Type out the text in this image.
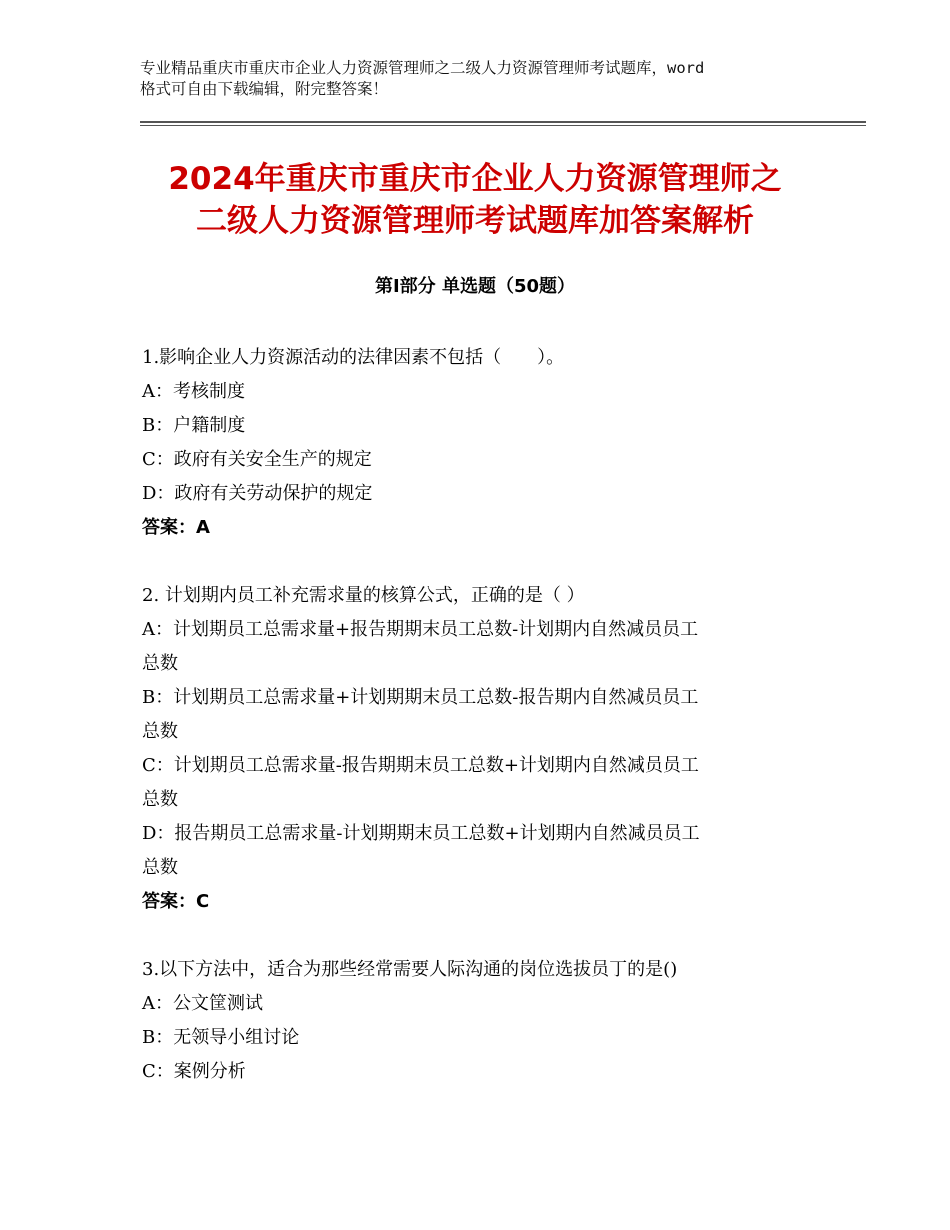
专业精品重庆市重庆市企业人力资源管理师之二级人力资源管理师考试题库，word
格式可自由下载编辑，附完整答案！
2024年重庆市重庆市企业人力资源管理师之
二级人力资源管理师考试题库加答案解析
第Ⅰ部分 单选题（50题）
1.影响企业人力资源活动的法律因素不包括（　　）。
A：考核制度
B：户籍制度
C：政府有关安全生产的规定
D：政府有关劳动保护的规定
答案：A
2. 计划期内员工补充需求量的核算公式，正确的是（ ）
A：计划期员工总需求量+报告期期末员工总数-计划期内自然减员员工
总数
B：计划期员工总需求量+计划期期末员工总数-报告期内自然减员员工
总数
C：计划期员工总需求量-报告期期末员工总数+计划期内自然减员员工
总数
D：报告期员工总需求量-计划期期末员工总数+计划期内自然减员员工
总数
答案：C
3.以下方法中，适合为那些经常需要人际沟通的岗位选拔员丁的是()
A：公文筐测试
B：无领导小组讨论
C：案例分析
